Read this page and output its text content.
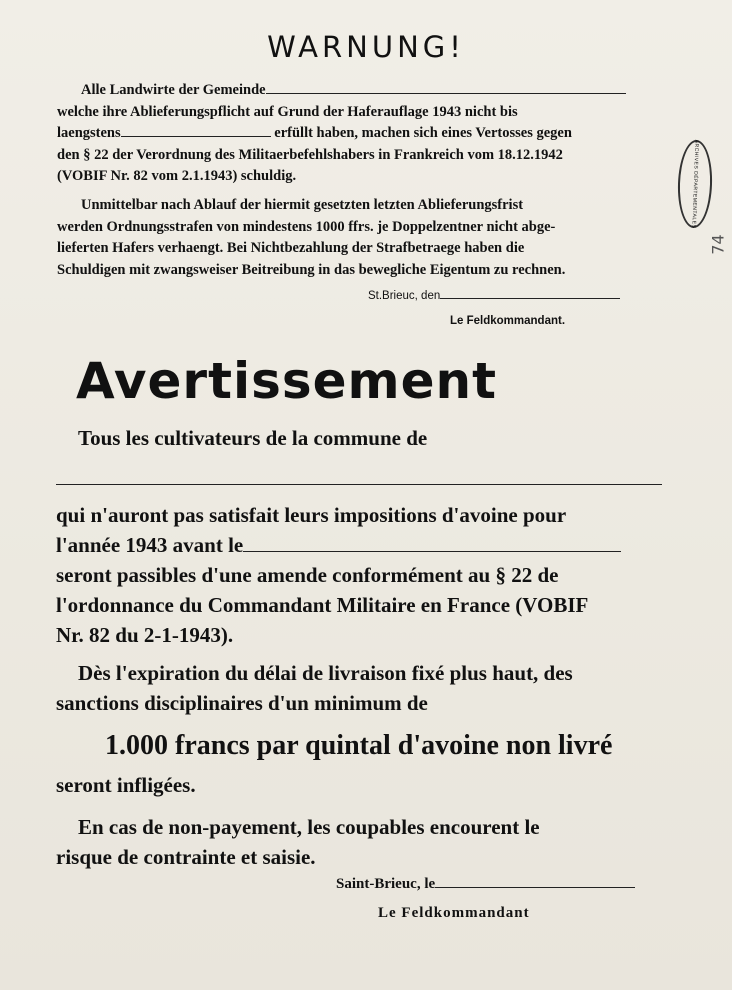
WARNUNG!

Alle Landwirte der Gemeinde

welche ihre Ablieferungspflicht auf Grund der Haferauflage 1943 nicht bis

laengstens	erfüllt haben, machen sich eines Vertosses gegen

den § 22 der Verordnung des Militaerbefehlshabers in Frankreich vom 18.12.1942

(VOBIF Nr. 82 vom 2.1.1943) schuldig.

Unmittelbar nach Ablauf der hiermit gesetzten letzten Ablieferungsfrist

werden Ordnungsstrafen von mindestens 1000 ffrs. je Doppelzentner nicht abge-

lieferten Hafers verhaengt. Bei Nichtbezahlung der Strafbetraege haben die

Schuldigen mit zwangsweiser Beitreibung in das bewegliche Eigentum zu rechnen.

St.Brieuc, den
Le Feldkommandant.
ARCHIVES DÉPARTEMENTALES
74
Avertissement
Tous les cultivateurs de la commune de
qui n'auront pas satisfait leurs impositions d'avoine pour
l'année 1943 avant le
seront passibles d'une amende conformément au § 22 de
l'ordonnance du Commandant Militaire en France (VOBIF
Nr. 82 du 2-1-1943).
Dès l'expiration du délai de livraison fixé plus haut, des
sanctions disciplinaires d'un minimum de
1.000 francs par quintal d'avoine non livré
seront infligées.
En cas de non-payement, les coupables encourent le
risque de contrainte et saisie.
Saint-Brieuc, le
Le Feldkommandant
